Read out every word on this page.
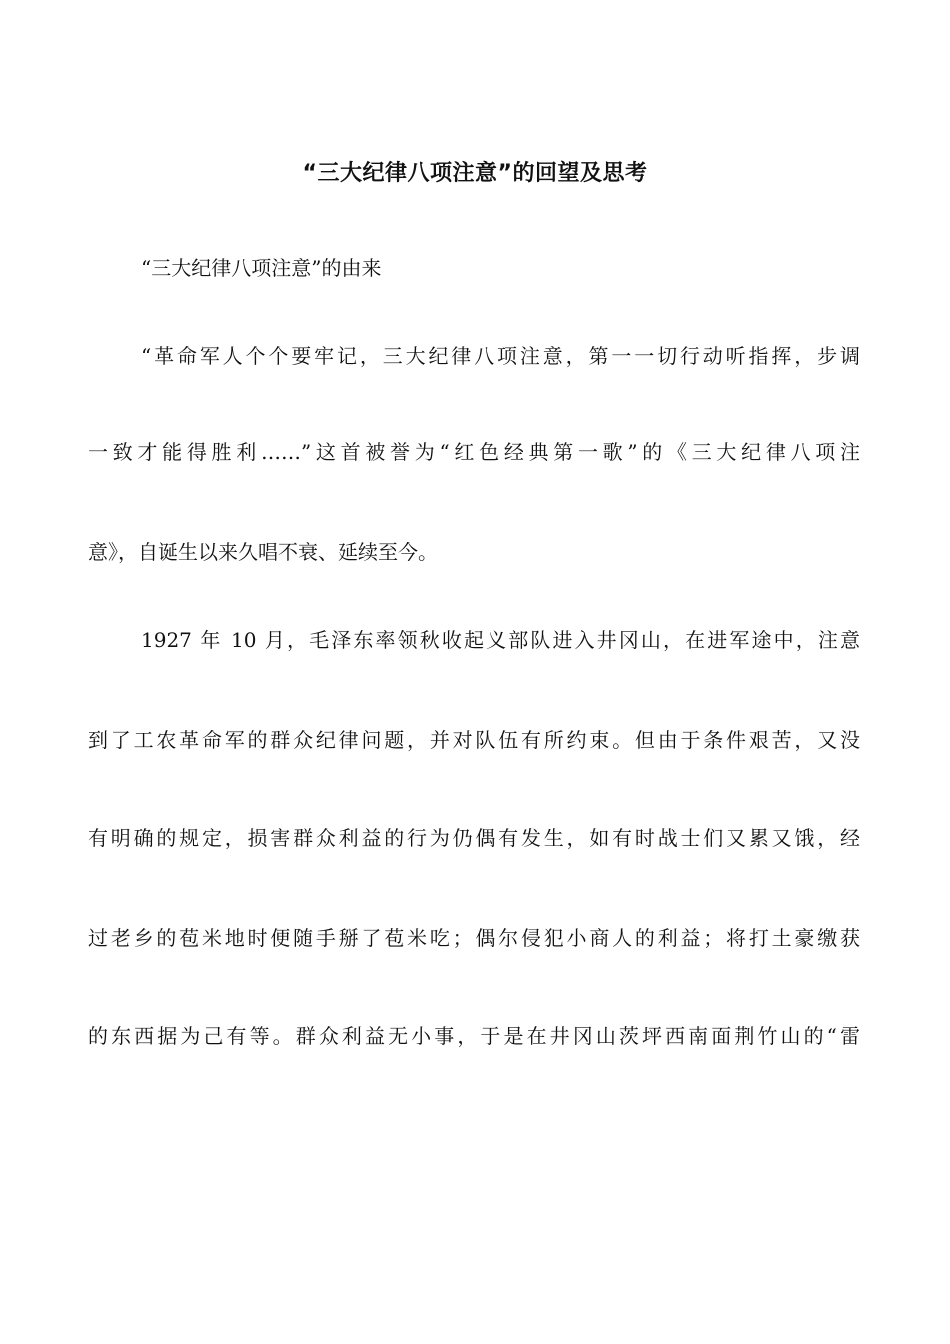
“三大纪律八项注意”的回望及思考

“三大纪律八项注意”的由来

“革命军人个个要牢记，三大纪律八项注意，第一一切行动听指挥，步调

一致才能得胜利……”这首被誉为“红色经典第一歌”的《三大纪律八项注

意》，自诞生以来久唱不衰、延续至今。

1927 年 10 月，毛泽东率领秋收起义部队进入井冈山，在进军途中，注意

到了工农革命军的群众纪律问题，并对队伍有所约束。但由于条件艰苦，又没

有明确的规定，损害群众利益的行为仍偶有发生，如有时战士们又累又饿，经

过老乡的苞米地时便随手掰了苞米吃；偶尔侵犯小商人的利益；将打土豪缴获

的东西据为己有等。群众利益无小事，于是在井冈山茨坪西南面荆竹山的“雷
